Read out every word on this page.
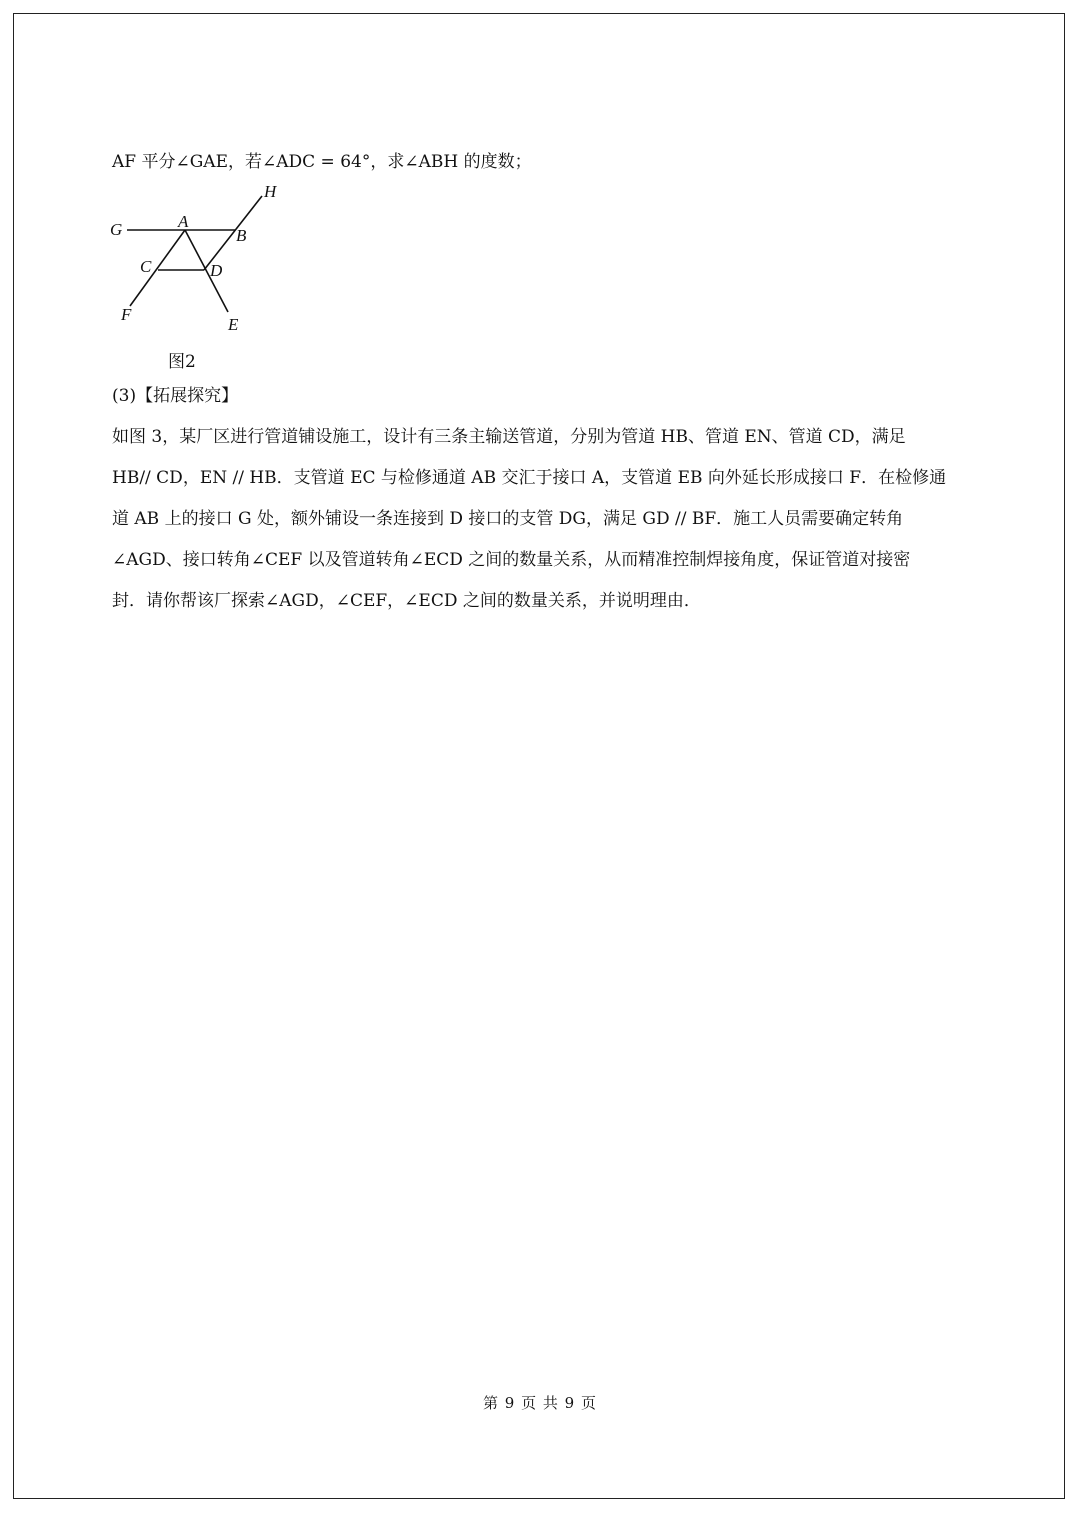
AF 平分∠GAE，若∠ADC = 64°，求∠ABH 的度数；
H
G	A
B
C	D
F
E
图2
(3)【拓展探究】
如图 3，某厂区进行管道铺设施工，设计有三条主输送管道，分别为管道 HB、管道 EN、管道 CD，满足
HB// CD，EN // HB．支管道 EC 与检修通道 AB 交汇于接口 A，支管道 EB 向外延长形成接口 F．在检修通
道 AB 上的接口 G 处，额外铺设一条连接到 D 接口的支管 DG，满足 GD // BF．施工人员需要确定转角
∠AGD、接口转角∠CEF 以及管道转角∠ECD 之间的数量关系，从而精准控制焊接角度，保证管道对接密
封．请你帮该厂探索∠AGD，∠CEF，∠ECD 之间的数量关系，并说明理由．
第 9 页 共 9 页
